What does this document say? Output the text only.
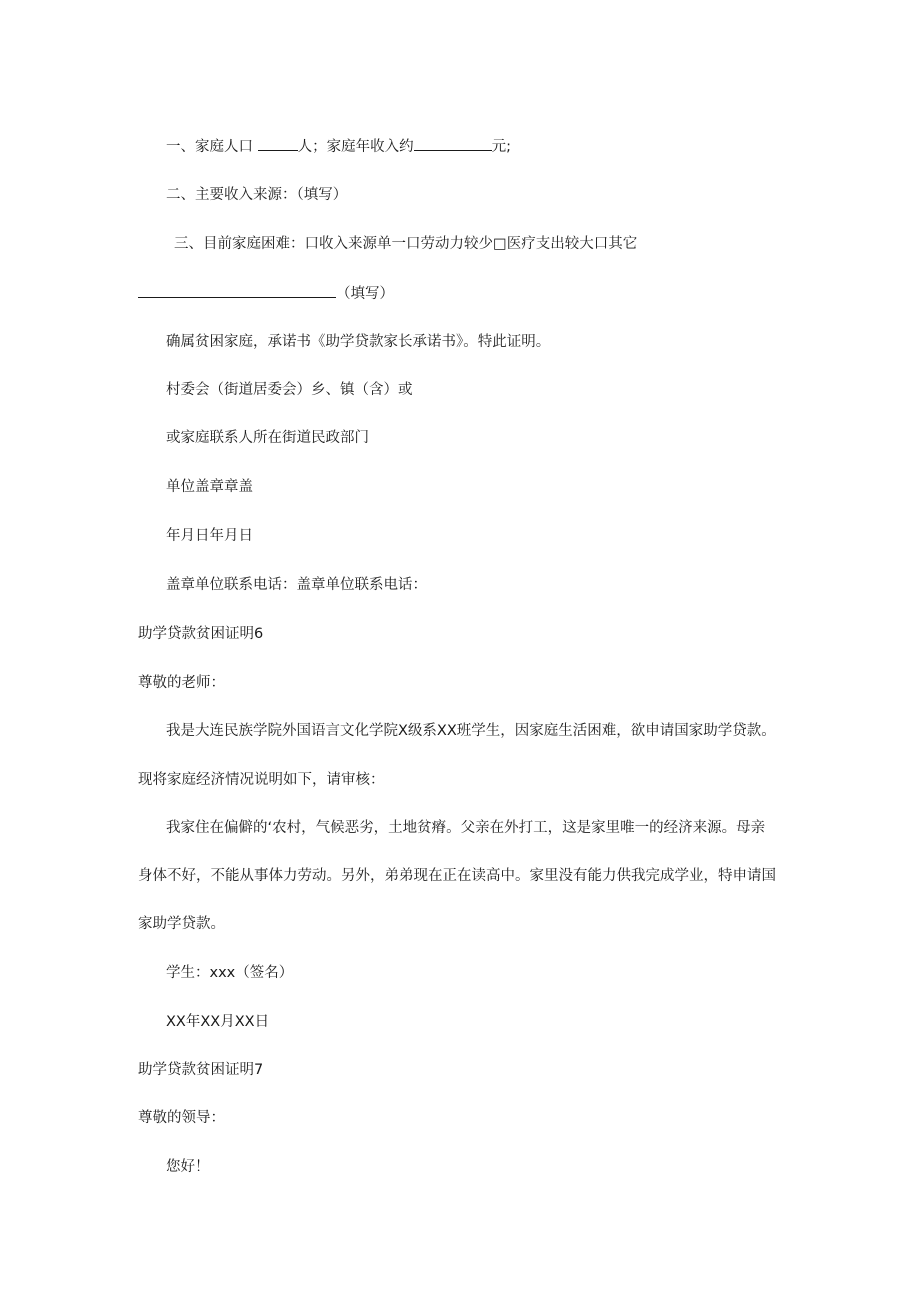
一、家庭人口	人；家庭年收入约	元;
二、主要收入来源：（填写）
三、目前家庭困难：口收入来源单一口劳动力较少□医疗支出较大口其它
（填写）
确属贫困家庭，承诺书《助学贷款家长承诺书》。特此证明。
村委会（街道居委会）乡、镇（含）或
或家庭联系人所在街道民政部门
单位盖章章盖
年月日年月日
盖章单位联系电话：盖章单位联系电话：
助学贷款贫困证明6
尊敬的老师：
我是大连民族学院外国语言文化学院X级系XX班学生，因家庭生活困难，欲申请国家助学贷款。
现将家庭经济情况说明如下，请审核：
我家住在偏僻的‘农村，气候恶劣，土地贫瘠。父亲在外打工，这是家里唯一的经济来源。母亲
身体不好，不能从事体力劳动。另外，弟弟现在正在读高中。家里没有能力供我完成学业，特申请国
家助学贷款。
学生：xxx（签名）
XX年XX月XX日
助学贷款贫困证明7
尊敬的领导：
您好！
